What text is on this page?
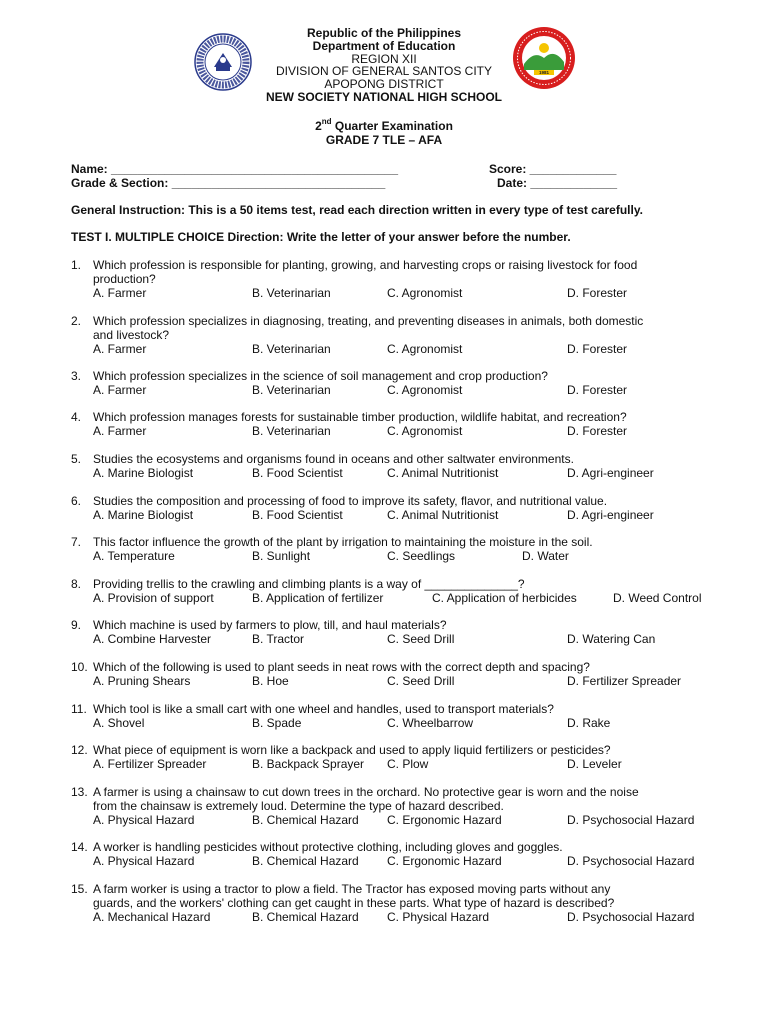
1981
Republic of the Philippines
Department of Education
REGION XII
DIVISION OF GENERAL SANTOS CITY
APOPONG DISTRICT
NEW SOCIETY NATIONAL HIGH SCHOOL
2nd Quarter Examination
GRADE 7 TLE – AFA
Name: ___________________________________________
Grade & Section: ________________________________
Score: _____________
Date: _____________
General Instruction: This is a 50 items test, read each direction written in every type of test carefully.
TEST I. MULTIPLE CHOICE Direction: Write the letter of your answer before the number.
A. Farmer	B. Veterinarian	C. Agronomist	D. Forester
1. Which profession is responsible for planting, growing, and harvesting crops or raising livestock for food
production?
A. Farmer	B. Veterinarian	C. Agronomist	D. Forester
2. Which profession specializes in diagnosing, treating, and preventing diseases in animals, both domestic
and livestock?
A. Farmer	B. Veterinarian	C. Agronomist	D. Forester
3. Which profession specializes in the science of soil management and crop production?
A. Farmer	B. Veterinarian	C. Agronomist	D. Forester
4. Which profession manages forests for sustainable timber production, wildlife habitat, and recreation?
A. Marine Biologist	B. Food Scientist	C. Animal Nutritionist	D. Agri-engineer
5. Studies the ecosystems and organisms found in oceans and other saltwater environments.
A. Marine Biologist	B. Food Scientist	C. Animal Nutritionist	D. Agri-engineer
6. Studies the composition and processing of food to improve its safety, flavor, and nutritional value.
A. Temperature	B. Sunlight	C. Seedlings	D. Water
7. This factor influence the growth of the plant by irrigation to maintaining the moisture in the soil.
A. Provision of support	B. Application of fertilizer	C. Application of herbicides	D. Weed Control
8. Providing trellis to the crawling and climbing plants is a way of ______________?
A. Combine Harvester	B. Tractor	C. Seed Drill	D. Watering Can
9. Which machine is used by farmers to plow, till, and haul materials?
A. Pruning Shears	B. Hoe	C. Seed Drill	D. Fertilizer Spreader
10. Which of the following is used to plant seeds in neat rows with the correct depth and spacing?
A. Shovel	B. Spade	C. Wheelbarrow	D. Rake
11. Which tool is like a small cart with one wheel and handles, used to transport materials?
A. Fertilizer Spreader	B. Backpack Sprayer C. Plow	D. Leveler
12. What piece of equipment is worn like a backpack and used to apply liquid fertilizers or pesticides?
A. Physical Hazard	B. Chemical Hazard C. Ergonomic Hazard	D. Psychosocial Hazard
13. A farmer is using a chainsaw to cut down trees in the orchard. No protective gear is worn and the noise
from the chainsaw is extremely loud. Determine the type of hazard described.
A. Physical Hazard	B. Chemical Hazard C. Ergonomic Hazard	D. Psychosocial Hazard
14. A worker is handling pesticides without protective clothing, including gloves and goggles.
A. Mechanical Hazard	B. Chemical Hazard C. Physical Hazard	D. Psychosocial Hazard
15. A farm worker is using a tractor to plow a field. The Tractor has exposed moving parts without any
guards, and the workers' clothing can get caught in these parts. What type of hazard is described?
